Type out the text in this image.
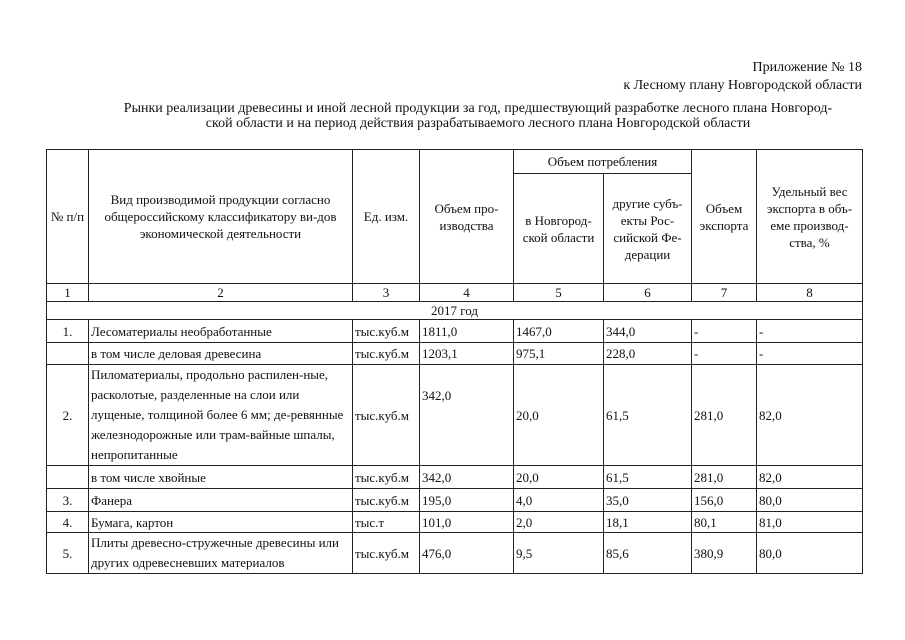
Приложение № 18
к Лесному плану Новгородской области
Рынки реализации древесины и иной лесной продукции за год, предшествующий разработке лесного плана Новгород-
ской области и на период действия разрабатываемого лесного плана Новгородской области
№ п/п	Вид производимой продукции согласно общероссийскому классификатору ви-дов экономической деятельности	Ед. изм.	Объем про-изводства	Объем потребления		Объем экспорта	Удельный вес экспорта в объ-еме производ-ства, %
				в Новгород-ской области	другие субъ-екты Рос-сийской Фе-дерации		
1	2	3	4	5	6	7	8
2017 год							
1.	Лесоматериалы необработанные	тыс.куб.м	1811,0	1467,0	344,0	-	-
	в том числе деловая древесина	тыс.куб.м	1203,1	975,1	228,0	-	-
2.	Пиломатериалы, продольно распилен-ные, расколотые, разделенные на слои или лущеные, толщиной более 6 мм; де-ревянные железнодорожные или трам-вайные шпалы, непропитанные	тыс.куб.м	342,0	20,0	61,5	281,0	82,0
	в том числе хвойные	тыс.куб.м	342,0	20,0	61,5	281,0	82,0
3.	Фанера	тыс.куб.м	195,0	4,0	35,0	156,0	80,0
4.	Бумага, картон	тыс.т	101,0	2,0	18,1	80,1	81,0
5.	Плиты древесно-стружечные древесины или других одревесневших материалов	тыс.куб.м	476,0	9,5	85,6	380,9	80,0
